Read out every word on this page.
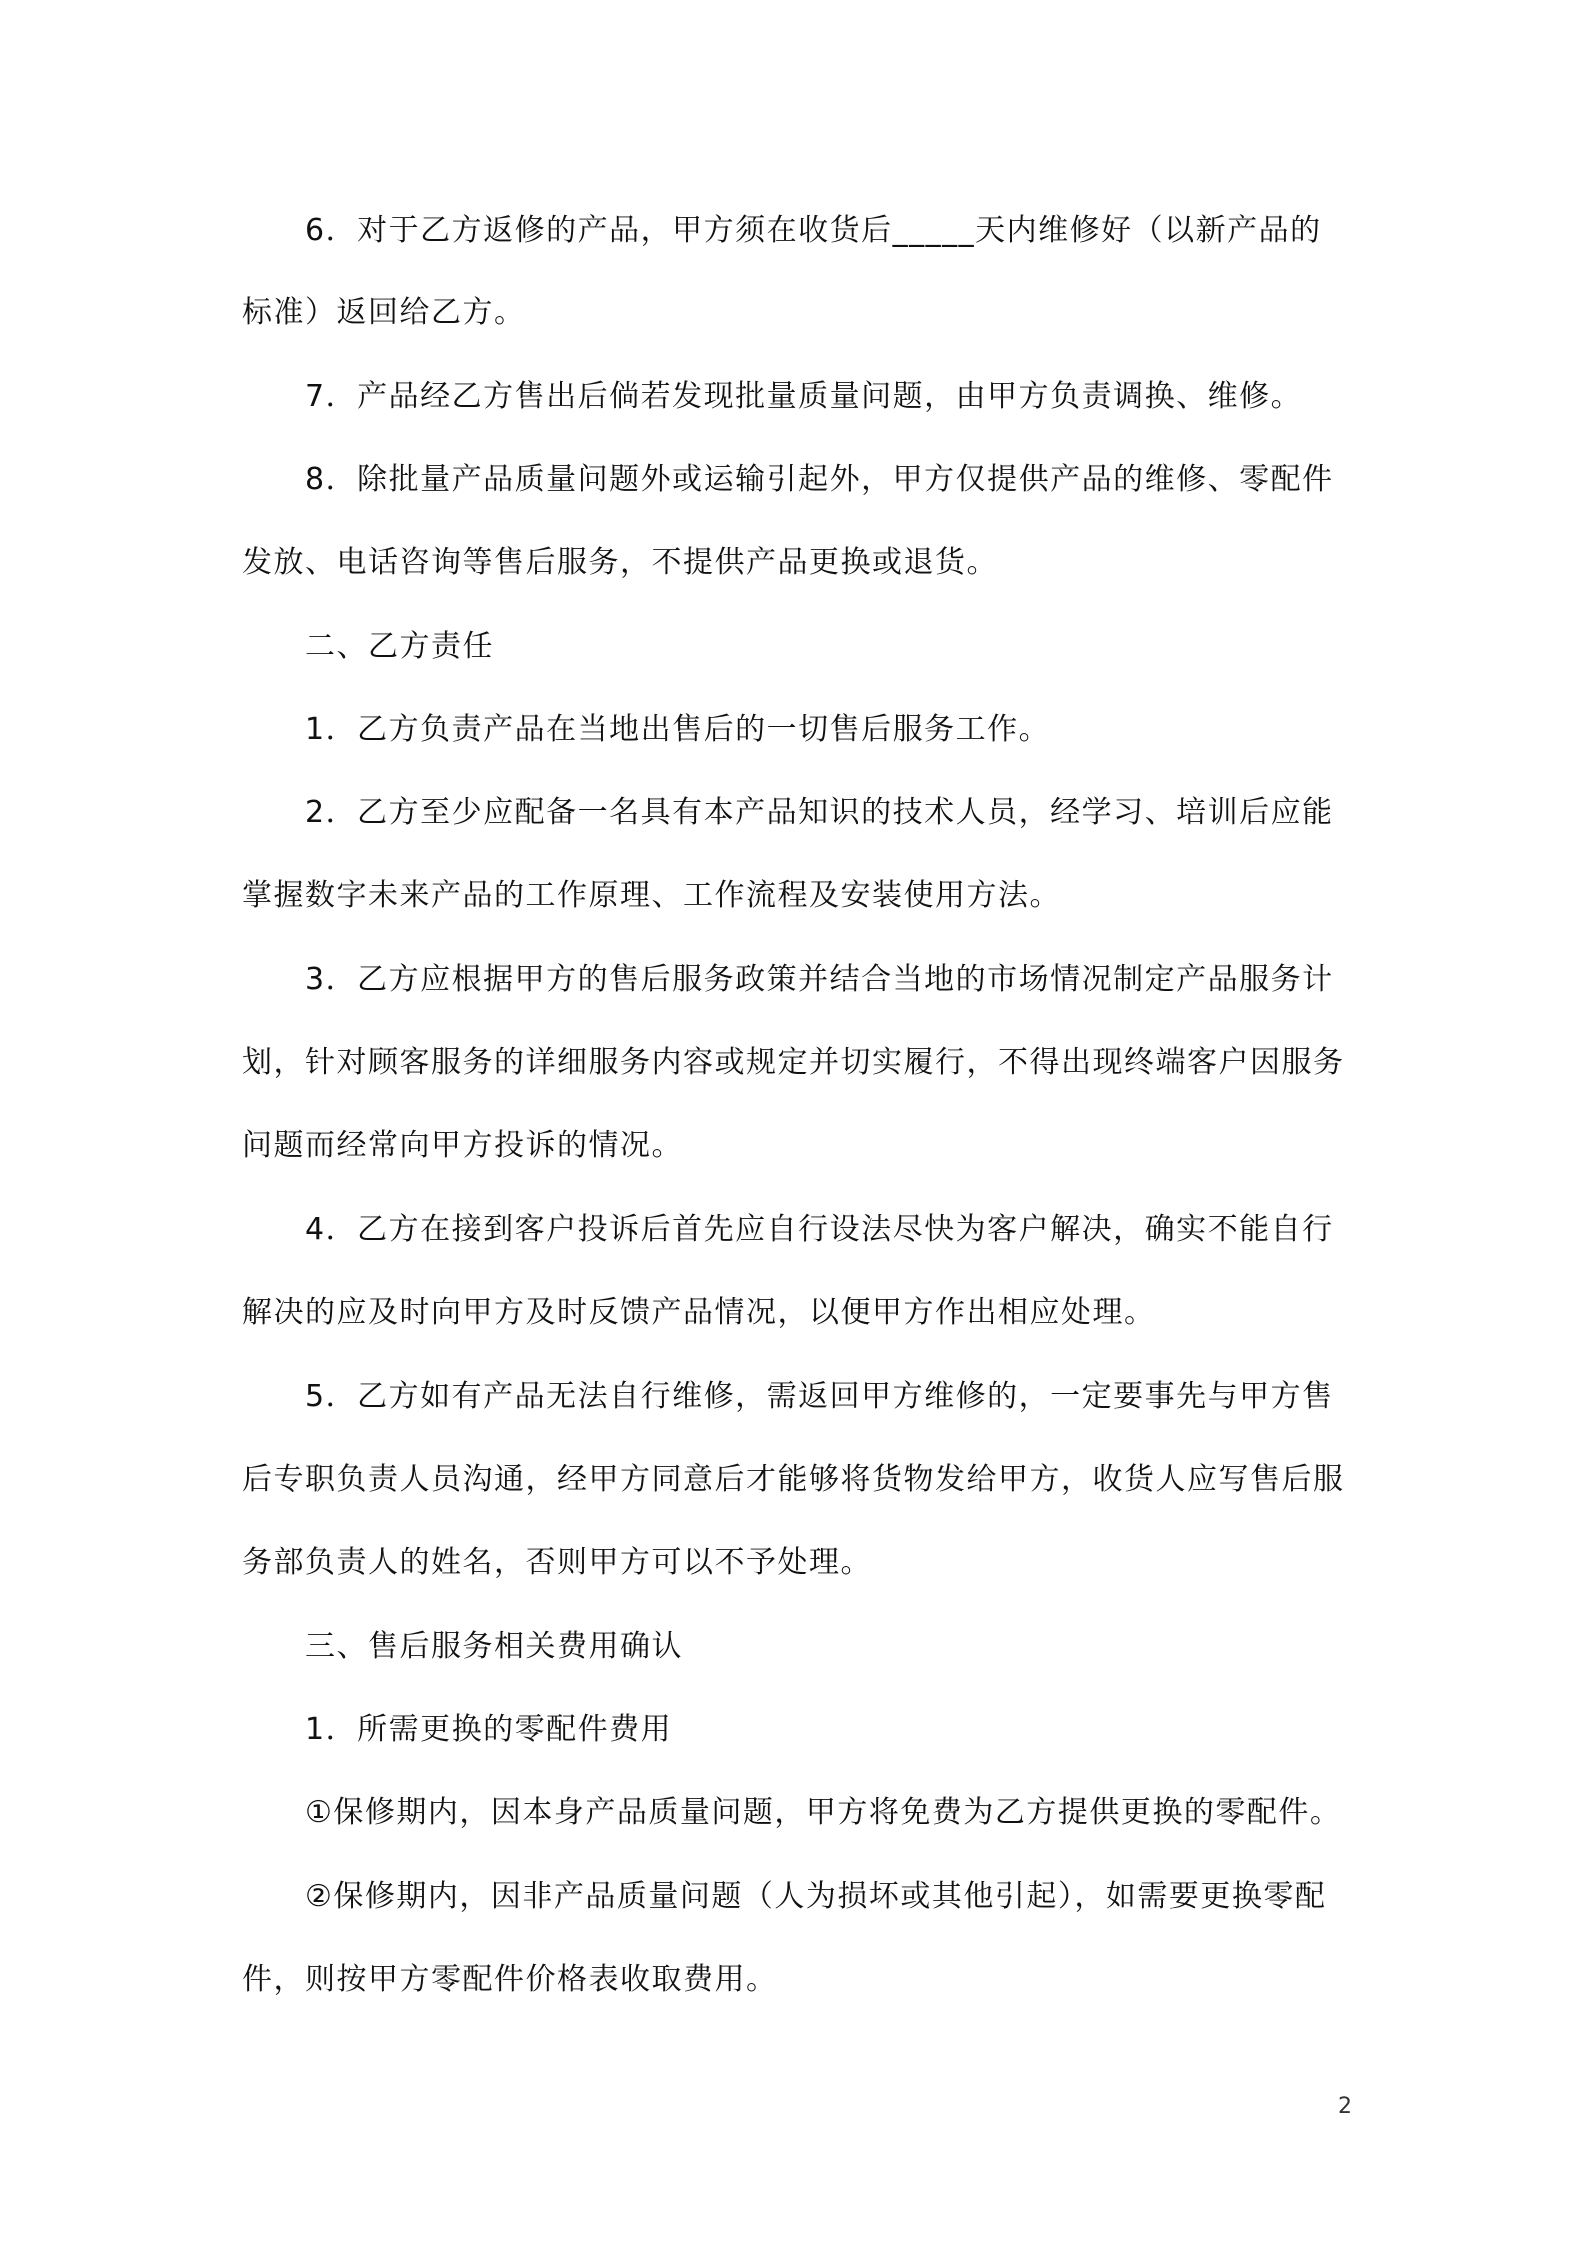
6．对于乙方返修的产品，甲方须在收货后_____天内维修好（以新产品的

标准）返回给乙方。

7．产品经乙方售出后倘若发现批量质量问题，由甲方负责调换、维修。

8．除批量产品质量问题外或运输引起外，甲方仅提供产品的维修、零配件

发放、电话咨询等售后服务，不提供产品更换或退货。

二、乙方责任

1．乙方负责产品在当地出售后的一切售后服务工作。

2．乙方至少应配备一名具有本产品知识的技术人员，经学习、培训后应能

掌握数字未来产品的工作原理、工作流程及安装使用方法。

3．乙方应根据甲方的售后服务政策并结合当地的市场情况制定产品服务计

划，针对顾客服务的详细服务内容或规定并切实履行，不得出现终端客户因服务

问题而经常向甲方投诉的情况。

4．乙方在接到客户投诉后首先应自行设法尽快为客户解决，确实不能自行

解决的应及时向甲方及时反馈产品情况，以便甲方作出相应处理。

5．乙方如有产品无法自行维修，需返回甲方维修的，一定要事先与甲方售

后专职负责人员沟通，经甲方同意后才能够将货物发给甲方，收货人应写售后服

务部负责人的姓名，否则甲方可以不予处理。

三、售后服务相关费用确认

1．所需更换的零配件费用

①保修期内，因本身产品质量问题，甲方将免费为乙方提供更换的零配件。

②保修期内，因非产品质量问题（人为损坏或其他引起），如需要更换零配

件，则按甲方零配件价格表收取费用。

2
